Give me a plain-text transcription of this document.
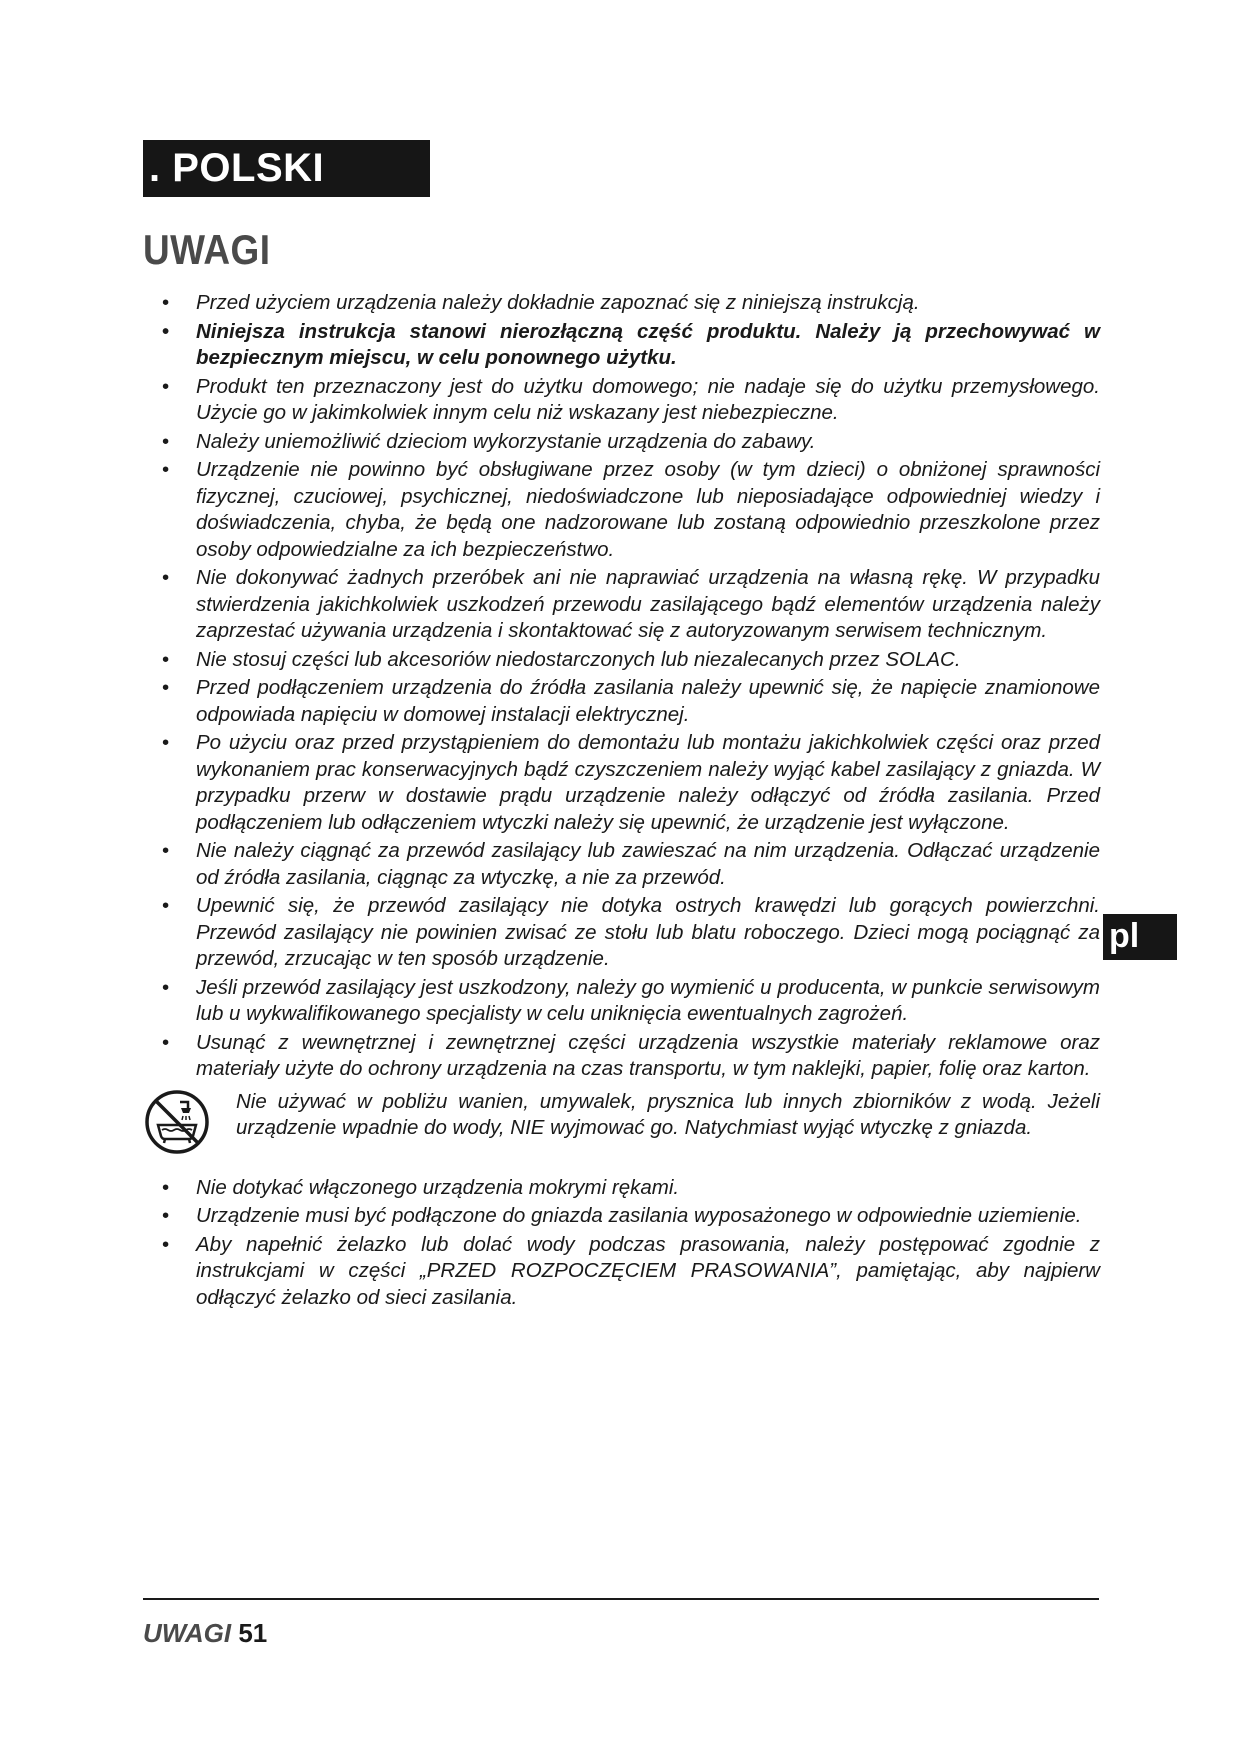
. POLSKI
UWAGI
• Przed użyciem urządzenia należy dokładnie zapoznać się z niniejszą instrukcją.
• Niniejsza instrukcja stanowi nierozłączną część produktu. Należy ją przechowywać w bezpiecznym miejscu, w celu ponownego użytku.
• Produkt ten przeznaczony jest do użytku domowego; nie nadaje się do użytku przemysłowego. Użycie go w jakimkolwiek innym celu niż wskazany jest niebezpieczne.
• Należy uniemożliwić dzieciom wykorzystanie urządzenia do zabawy.
• Urządzenie nie powinno być obsługiwane przez osoby (w tym dzieci) o obniżonej sprawności fizycznej, czuciowej, psychicznej, niedoświadczone lub nieposiadające odpowiedniej wiedzy i doświadczenia, chyba, że będą one nadzorowane lub zostaną odpowiednio przeszkolone przez osoby odpowiedzialne za ich bezpieczeństwo.
• Nie dokonywać żadnych przeróbek ani nie naprawiać urządzenia na własną rękę. W przypadku stwierdzenia jakichkolwiek uszkodzeń przewodu zasilającego bądź elementów urządzenia należy zaprzestać używania urządzenia i skontaktować się z autoryzowanym serwisem technicznym.
• Nie stosuj części lub akcesoriów niedostarczonych lub niezalecanych przez SOLAC.
• Przed podłączeniem urządzenia do źródła zasilania należy upewnić się, że napięcie znamionowe odpowiada napięciu w domowej instalacji elektrycznej.
• Po użyciu oraz przed przystąpieniem do demontażu lub montażu jakichkolwiek części oraz przed wykonaniem prac konserwacyjnych bądź czyszczeniem należy wyjąć kabel zasilający z gniazda. W przypadku przerw w dostawie prądu urządzenie należy odłączyć od źródła zasilania. Przed podłączeniem lub odłączeniem wtyczki należy się upewnić, że urządzenie jest wyłączone.
• Nie należy ciągnąć za przewód zasilający lub zawieszać na nim urządzenia. Odłączać urządzenie od źródła zasilania, ciągnąc za wtyczkę, a nie za przewód.
• Upewnić się, że przewód zasilający nie dotyka ostrych krawędzi lub gorących powierzchni. Przewód zasilający nie powinien zwisać ze stołu lub blatu roboczego. Dzieci mogą pociągnąć za przewód, zrzucając w ten sposób urządzenie.
• Jeśli przewód zasilający jest uszkodzony, należy go wymienić u producenta, w punkcie serwisowym lub u wykwalifikowanego specjalisty w celu uniknięcia ewentualnych zagrożeń.
• Usunąć z wewnętrznej i zewnętrznej części urządzenia wszystkie materiały reklamowe oraz materiały użyte do ochrony urządzenia na czas transportu, w tym naklejki, papier, folię oraz karton.
Nie używać w pobliżu wanien, umywalek, prysznica lub innych zbiorników z wodą. Jeżeli urządzenie wpadnie do wody, NIE wyjmować go. Natychmiast wyjąć wtyczkę z gniazda.
• Nie dotykać włączonego urządzenia mokrymi rękami.
• Urządzenie musi być podłączone do gniazda zasilania wyposażonego w odpowiednie uziemienie.
• Aby napełnić żelazko lub dolać wody podczas prasowania, należy postępować zgodnie z instrukcjami w części „PRZED ROZPOCZĘCIEM PRASOWANIA”, pamiętając, aby najpierw odłączyć żelazko od sieci zasilania.
pl
UWAGI 51
